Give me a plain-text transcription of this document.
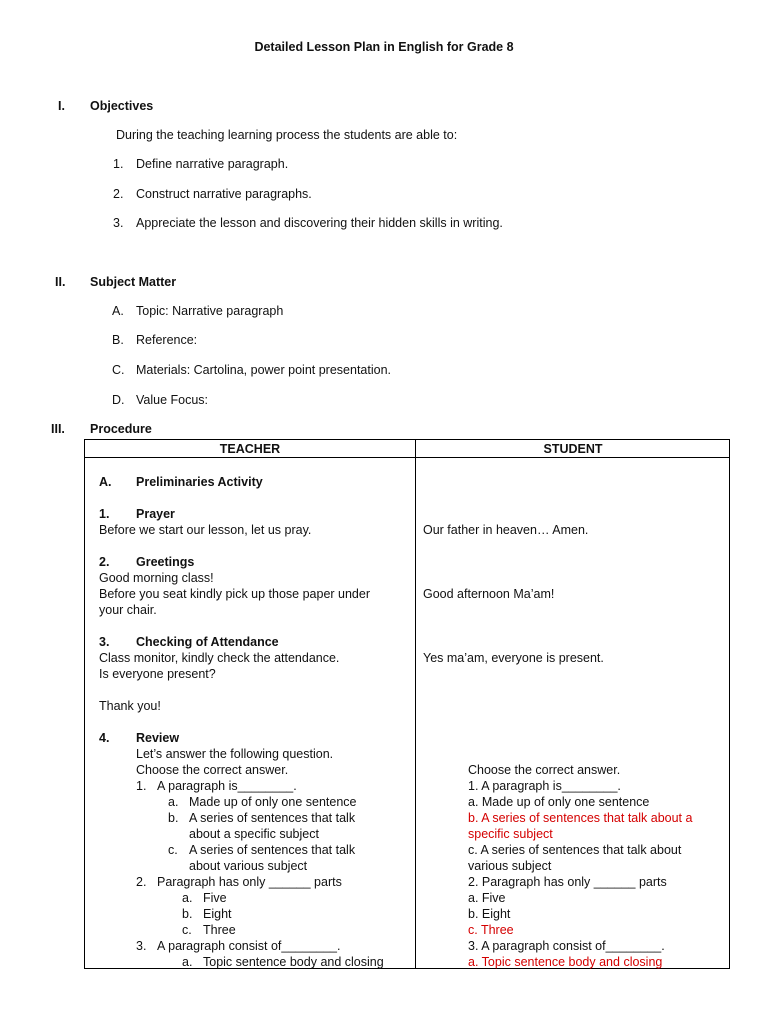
Detailed Lesson Plan in English for Grade 8
I. Objectives
During the teaching learning process the students are able to:
1. Define narrative paragraph.
2. Construct narrative paragraphs.
3. Appreciate the lesson and discovering their hidden skills in writing.
II. Subject Matter
A. Topic: Narrative paragraph
B. Reference:
C. Materials: Cartolina, power point presentation.
D. Value Focus:
III. Procedure
TEACHER	STUDENT
A. Preliminaries Activity
1. Prayer
Before we start our lesson, let us pray.
2. Greetings
Good morning class!
Before you seat kindly pick up those paper under
your chair.
3. Checking of Attendance
Class monitor, kindly check the attendance.
Is everyone present?
Thank you!
4. Review
Let’s answer the following question.
Choose the correct answer.
1. A paragraph is________.
a. Made up of only one sentence
b. A series of sentences that talk
about a specific subject
c. A series of sentences that talk
about various subject
2. Paragraph has only ______ parts
a. Five
b. Eight
c. Three
3. A paragraph consist of________.
a. Topic sentence body and closing
Our father in heaven… Amen.
Good afternoon Ma’am!
Yes ma’am, everyone is present.
Choose the correct answer.
1. A paragraph is________.
a. Made up of only one sentence
b. A series of sentences that talk about a
specific subject
c. A series of sentences that talk about
various subject
2. Paragraph has only ______ parts
a. Five
b. Eight
c. Three
3. A paragraph consist of________.
a. Topic sentence body and closing
